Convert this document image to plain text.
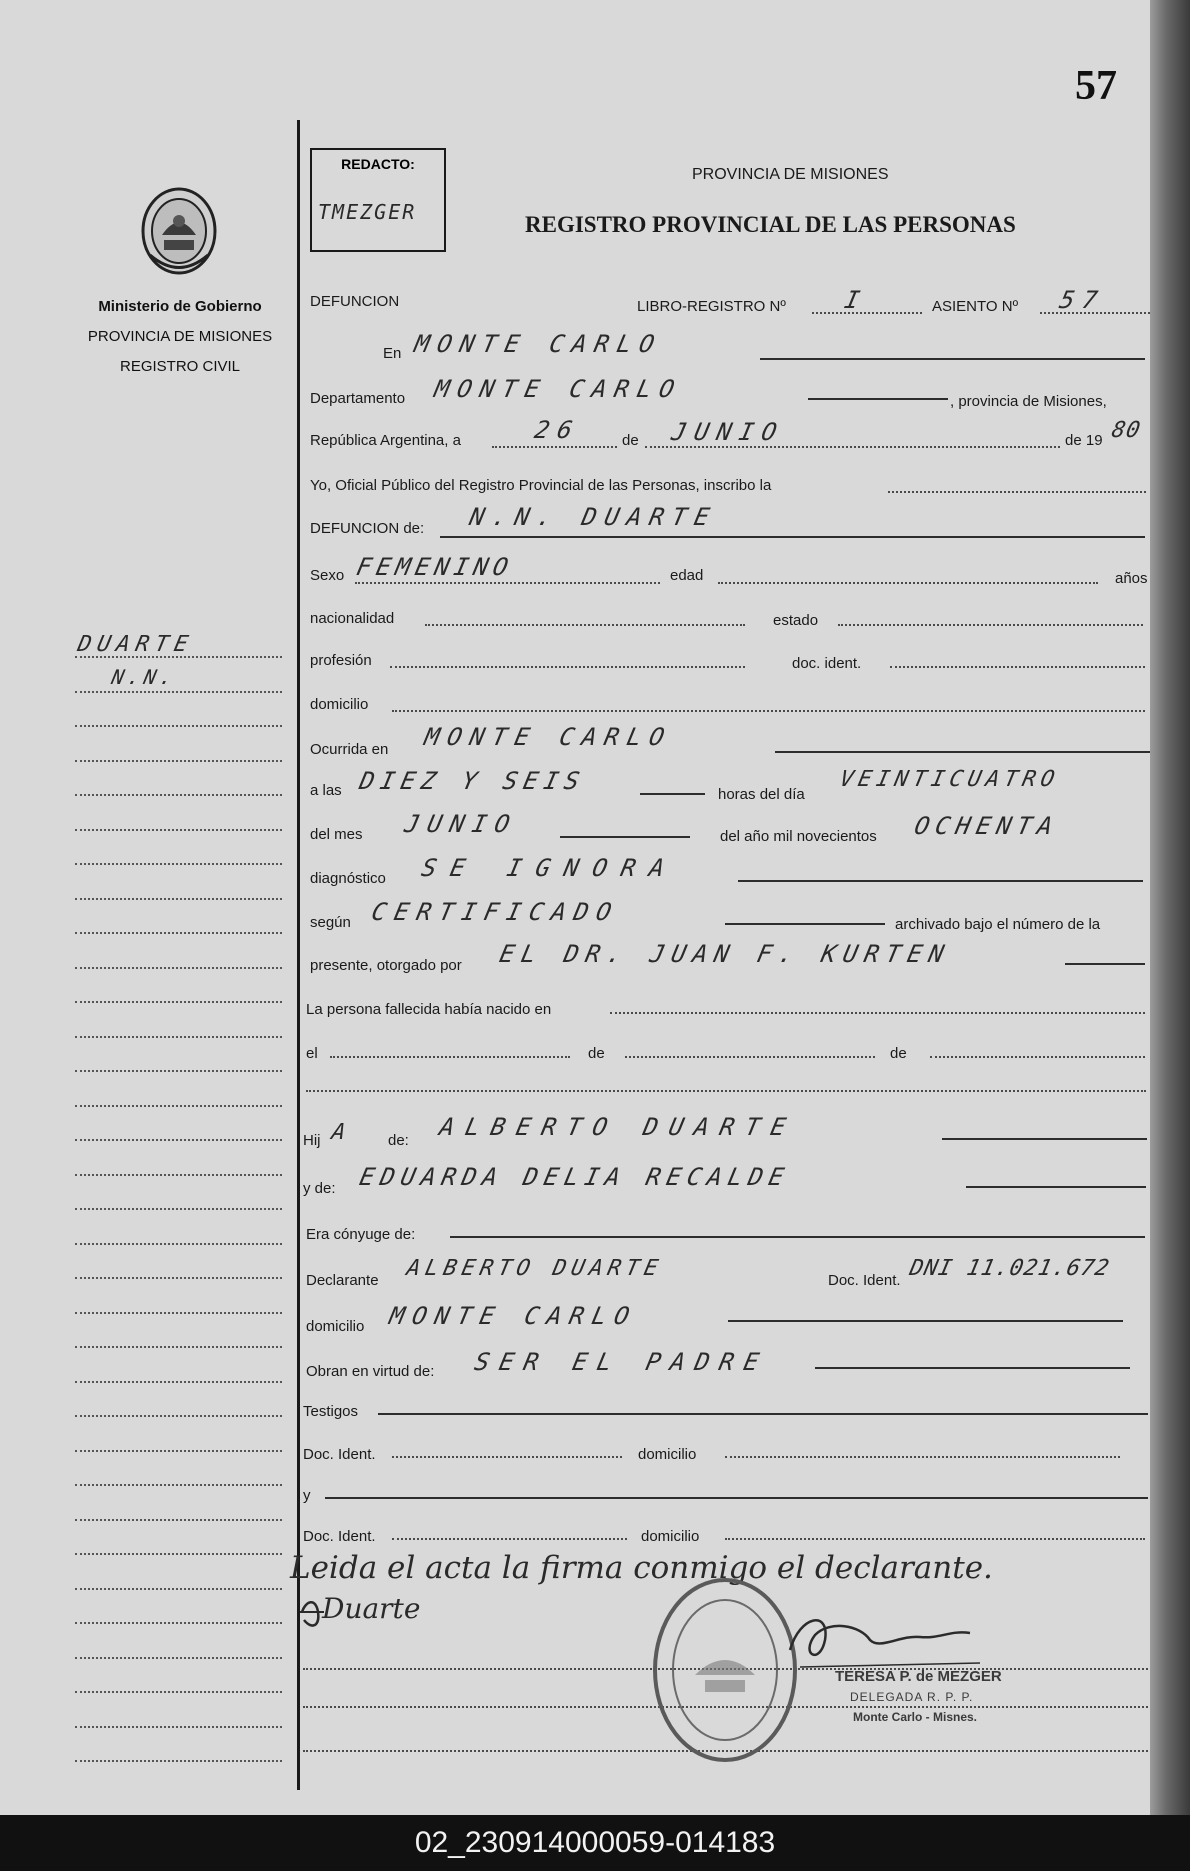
57
Ministerio de Gobierno
PROVINCIA DE MISIONES
REGISTRO CIVIL
DUARTE
N.N.
REDACTO:
TMEZGER
PROVINCIA DE MISIONES
REGISTRO PROVINCIAL DE LAS PERSONAS
DEFUNCION	LIBRO-REGISTRO Nº I	ASIENTO Nº 57
En MONTE CARLO
Departamento MONTE CARLO	, provincia de Misiones,
República Argentina, a	26	de JUNIO	de 19 80
Yo, Oficial Público del Registro Provincial de las Personas, inscribo la
DEFUNCION de: N.N. DUARTE
Sexo FEMENINO	edad	años
nacionalidad	estado
profesión	doc. ident.
domicilio
Ocurrida en MONTE CARLO
a las DIEZ Y SEIS	horas del día
VEINTICUATRO
del mes JUNIO	del año mil novecientos OCHENTA
diagnóstico SE IGNORA
según CERTIFICADO	archivado bajo el número de la
presente, otorgado por EL DR. JUAN F. KURTEN
La persona fallecida había nacido en
el	de	de
Hij A de: ALBERTO DUARTE
y de: EDUARDA DELIA RECALDE
Era cónyuge de:
Declarante ALBERTO DUARTE	Doc. Ident. DNI 11.021.672
domicilio MONTE CARLO
Obran en virtud de: SER EL PADRE
Testigos
Doc. Ident.	domicilio
y
Doc. Ident.	domicilio
Leida el acta la firma conmigo el declarante.
Duarte
TERESA P. de MEZGER
DELEGADA R. P. P.
Monte Carlo - Misnes.
02_230914000059-014183
